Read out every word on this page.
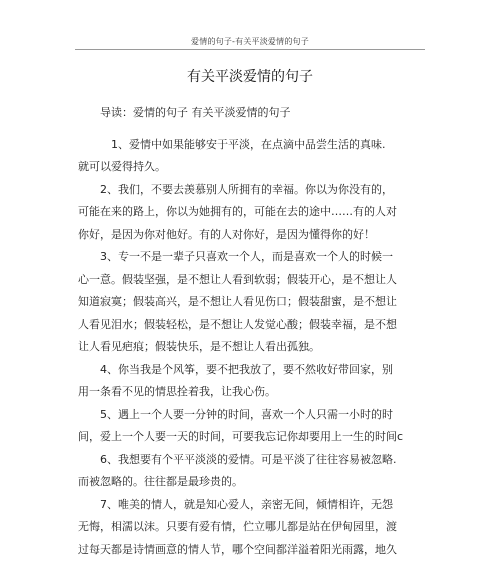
爱情的句子-有关平淡爱情的句子
有关平淡爱情的句子
　　导读：爱情的句子 有关平淡爱情的句子
　　　1、爱情中如果能够安于平淡，在点滴中品尝生活的真味.
就可以爱得持久。
　　2、我们，不要去羡慕别人所拥有的幸福。你以为你没有的，
可能在来的路上，你以为她拥有的，可能在去的途中……有的人对
你好，是因为你对他好。有的人对你好，是因为懂得你的好！
　　3、专一不是一辈子只喜欢一个人，而是喜欢一个人的时候一
心一意。假装坚强，是不想让人看到软弱；假装开心，是不想让人
知道寂寞；假装高兴，是不想让人看见伤口；假装甜蜜，是不想让
人看见泪水；假装轻松，是不想让人发觉心酸；假装幸福，是不想
让人看见疤痕；假装快乐，是不想让人看出孤独。
　　4、你当我是个风筝，要不把我放了，要不然收好带回家，别
用一条看不见的情思拴着我，让我心伤。
　　5、遇上一个人要一分钟的时间，喜欢一个人只需一小时的时
间，爱上一个人要一天的时间，可要我忘记你却要用上一生的时间c
　　6、我想要有个平平淡淡的爱情。可是平淡了往往容易被忽略.
而被忽略的。往往都是最珍贵的。
　　7、唯美的情人，就是知心爱人，亲密无间，倾情相许，无怨
无悔，相濡以沫。只要有爱有情，伫立哪儿都是站在伊甸园里，渡
过每天都是诗情画意的情人节，哪个空间都洋溢着阳光雨露，地久
